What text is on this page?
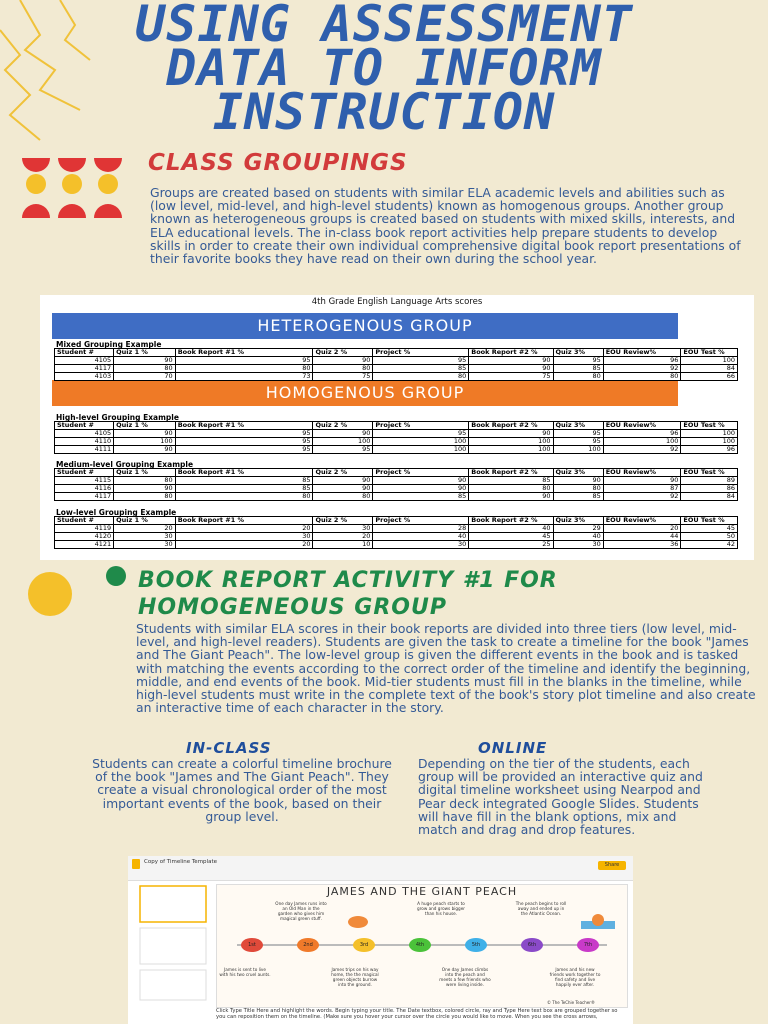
USING ASSESSMENT
DATA TO INFORM
INSTRUCTION
CLASS GROUPINGS
Groups are created based on students with similar ELA academic levels and abilities such as (low level, mid-level, and high-level students) known as homogenous groups. Another group known as heterogeneous groups is created based on students with mixed skills, interests, and ELA educational levels. The in-class book report activities help prepare students to develop skills in order to create their own individual comprehensive digital book report presentations of their favorite books they have read on their own during the school year.
4th Grade English Language Arts scores
HETEROGENOUS GROUP
HOMOGENOUS GROUP
Mixed Grouping Example
Student #	Quiz 1 %	Book Report #1 %	Quiz 2 %	Project %	Book Report #2 %	Quiz 3%	EOU Review%	EOU Test %
4105	90	95	90	95	90	95	96	100
4117	80	80	80	85	90	85	92	84
4103	70	73	75	80	75	80	80	66
High-level Grouping Example
Student #	Quiz 1 %	Book Report #1 %	Quiz 2 %	Project %	Book Report #2 %	Quiz 3%	EOU Review%	EOU Test %
4105	90	95	90	95	90	95	96	100
4110	100	95	100	100	100	95	100	100
4111	90	95	95	100	100	100	92	96
Medium-level Grouping Example
Student #	Quiz 1 %	Book Report #1 %	Quiz 2 %	Project %	Book Report #2 %	Quiz 3%	EOU Review%	EOU Test %
4115	80	85	90	90	85	90	90	89
4116	90	85	90	90	80	80	87	86
4117	80	80	80	85	90	85	92	84
Low-level Grouping Example
Student #	Quiz 1 %	Book Report #1 %	Quiz 2 %	Project %	Book Report #2 %	Quiz 3%	EOU Review%	EOU Test %
4119	20	20	30	28	40	29	20	45
4120	30	30	20	40	45	40	44	50
4121	30	20	10	30	25	30	36	42
BOOK REPORT ACTIVITY #1 FOR
HOMOGENEOUS GROUP
Students with similar ELA scores in their book reports are divided into three tiers (low level, mid-level, and high-level readers). Students are given the task to create a timeline for the book "James and The Giant Peach". The low-level group is given the different events in the book and is tasked with matching the events according to the correct order of the timeline and identify the beginning, middle, and end events of the book. Mid-tier students must fill in the blanks in the timeline, while high-level students must write in the complete text of the book's story plot timeline and also create an interactive time of each character in the story.
IN-CLASS
Students can create a colorful timeline brochure of the book "James and The Giant Peach". They create a visual chronological order of the most important events of the book, based on their group level.
ONLINE
Depending on the tier of the students, each group will be provided an interactive quiz and digital timeline worksheet using Nearpod and Pear deck integrated Google Slides. Students will have fill in the blank options, mix and match and drag and drop features.
Copy of Timeline Template	Share
JAMES AND THE GIANT PEACH
1st	2nd	3rd	4th	5th	6th	7th
One day James runs into an Old Man in the garden who gives him magical green stuff.
A huge peach starts to grow and grows bigger than his house.
The peach begins to roll away and ended up in the Atlantic Ocean.
James is sent to live with his two cruel aunts.
James trips on his way home, the the magical green objects burrow into the ground.
One day James climbs into the peach and meets a few friends who were living inside.
James and his new friends work together to find safety and live happily ever after.
© The TeChie Teacher®
Click Type Title Here and highlight the words. Begin typing your title. The Date textbox, colored circle, ray and Type Here text box are grouped together so you can reposition them on the timeline. (Make sure you hover your cursor over the circle you would like to move. When you see the cross arrows,
